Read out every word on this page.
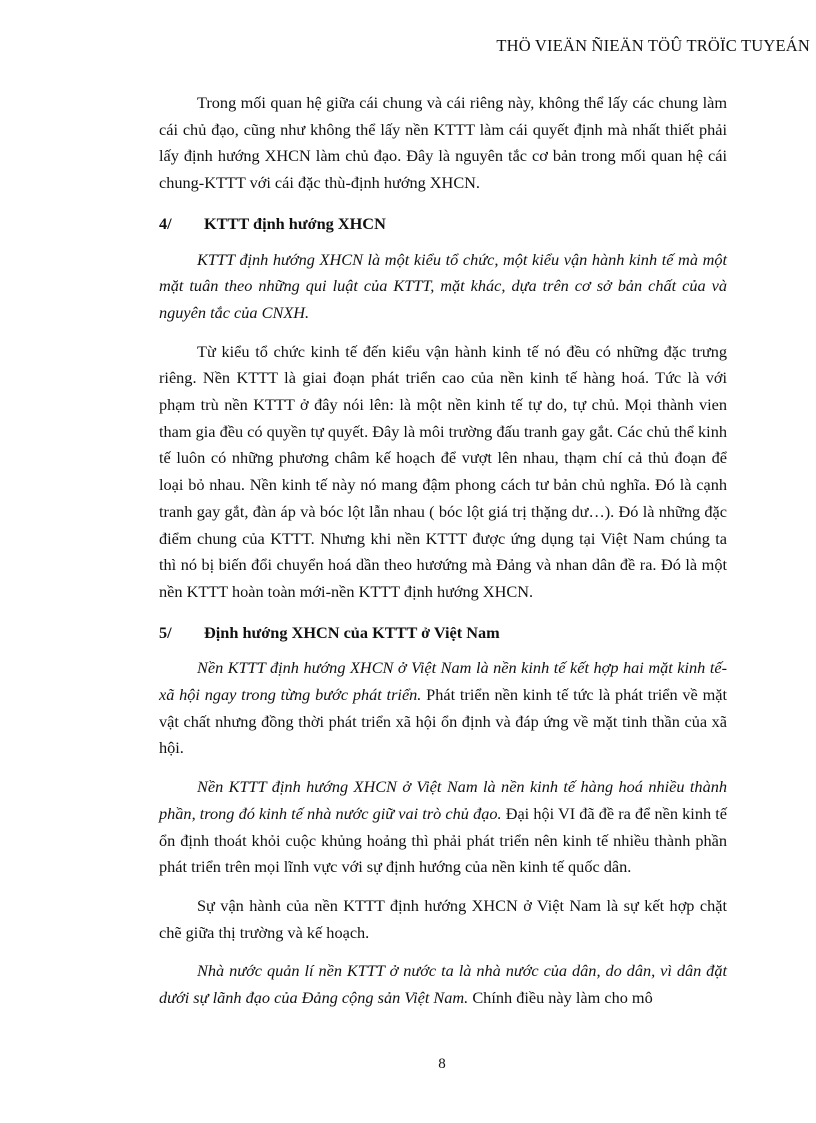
THÖ VIEÄN ÑIEÄN TÖÛ TRÖÏC TUYEÁN

Trong mối quan hệ giữa cái chung và cái riêng này, không thể lấy các chung làm cái chủ đạo, cũng như không thể lấy nền KTTT làm cái quyết định mà nhất thiết phải lấy định hướng XHCN làm chủ đạo. Đây là nguyên tắc cơ bản trong mối quan hệ cái chung-KTTT với cái đặc thù-định hướng XHCN.

4/	KTTT định hướng XHCN

KTTT định hướng XHCN là một kiểu tổ chức, một kiểu vận hành kinh tế mà một mặt tuân theo những qui luật của KTTT, mặt khác, dựa trên cơ sở bản chất của và nguyên tắc của CNXH.

Từ kiểu tổ chức kinh tế đến kiểu vận hành kinh tế nó đều có những đặc trưng riêng. Nền KTTT là giai đoạn phát triển cao của nền kinh tế hàng hoá. Tức là với phạm trù nền KTTT ở đây nói lên: là một nền kinh tế tự do, tự chủ. Mọi thành vien tham gia đều có quyền tự quyết. Đây là môi trường đấu tranh gay gắt. Các chủ thể kinh tế luôn có những phương châm kế hoạch để vượt lên nhau, thạm chí cả thủ đoạn để loại bỏ nhau. Nền kinh tế này nó mang đậm phong cách tư bản chủ nghĩa. Đó là cạnh tranh gay gắt, đàn áp và bóc lột lẫn nhau ( bóc lột giá trị thặng dư…). Đó là những đặc điểm chung của KTTT. Nhưng khi nền KTTT được ứng dụng tại Việt Nam chúng ta thì nó bị biến đổi chuyển hoá dần theo hươứng mà Đảng và nhan dân đề ra. Đó là một nền KTTT hoàn toàn mới-nền KTTT định hướng XHCN.

5/	Định hướng XHCN của KTTT ở Việt Nam

Nền KTTT định hướng XHCN ở Việt Nam là nền kinh tế kết hợp hai mặt kinh tế-xã hội ngay trong từng bước phát triển. Phát triển nền kinh tế tức là phát triển về mặt vật chất nhưng đồng thời phát triển xã hội ổn định và đáp ứng về mặt tinh thần của xã hội.

Nền KTTT định hướng XHCN ở Việt Nam là nền kinh tế hàng hoá nhiều thành phần, trong đó kinh tế nhà nước giữ vai trò chủ đạo. Đại hội VI đã đề ra để nền kinh tế ổn định thoát khỏi cuộc khủng hoảng thì phải phát triển nên kinh tế nhiều thành phần phát triển trên mọi lĩnh vực với sự định hướng của nền kinh tế quốc dân.

Sự vận hành của nền KTTT định hướng XHCN ở Việt Nam là sự kết hợp chặt chẽ giữa thị trường và kế hoạch.

Nhà nước quản lí nền KTTT ở nước ta là nhà nước của dân, do dân, vì dân đặt dưới sự lãnh đạo của Đảng cộng sản Việt Nam. Chính điều này làm cho mô

8
